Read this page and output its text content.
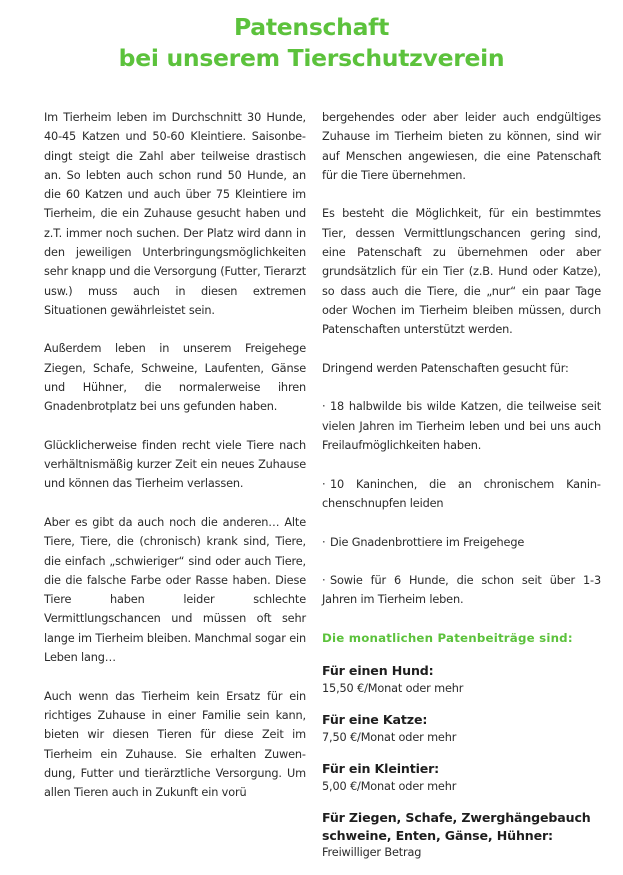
Patenschaft
bei unserem Tierschutzverein

Im Tierheim leben im Durchschnitt 30 Hunde, 40-45 Katzen und 50-60 Kleintiere. Saisonbedingt steigt die Zahl aber teilweise drastisch an. So lebten auch schon rund 50 Hunde, an die 60 Katzen und auch über 75 Kleintiere im Tierheim, die ein Zuhause gesucht haben und z.T. immer noch suchen. Der Platz wird dann in den jeweiligen Unterbringungsmöglichkeiten sehr knapp und die Versorgung (Futter, Tierarzt usw.) muss auch in diesen extremen Situationen gewährleistet sein.

Außerdem leben in unserem Freigehege Ziegen, Schafe, Schweine, Laufenten, Gänse und Hühner, die normalerweise ihren Gnadenbrotplatz bei uns gefunden haben.

Glücklicherweise finden recht viele Tiere nach verhältnismäßig kurzer Zeit ein neues Zuhause und können das Tierheim verlassen.

Aber es gibt da auch noch die anderen… Alte Tiere, Tiere, die (chronisch) krank sind, Tiere, die einfach „schwieriger“ sind oder auch Tiere, die die falsche Farbe oder Rasse haben. Diese Tiere haben leider schlechte Vermittlungschancen und müssen oft sehr lange im Tierheim bleiben. Manchmal sogar ein Leben lang…

Auch wenn das Tierheim kein Ersatz für ein richtiges Zuhause in einer Familie sein kann, bieten wir diesen Tieren für diese Zeit im Tierheim ein Zuhause. Sie erhalten Zuwendung, Futter und tierärztliche Versorgung. Um allen Tieren auch in Zukunft ein vorü

bergehendes oder aber leider auch endgültiges Zuhause im Tierheim bieten zu können, sind wir auf Menschen angewiesen, die eine Patenschaft für die Tiere übernehmen.

Es besteht die Möglichkeit, für ein bestimmtes Tier, dessen Vermittlungschancen gering sind, eine Patenschaft zu übernehmen oder aber grundsätzlich für ein Tier (z.B. Hund oder Katze), so dass auch die Tiere, die „nur“ ein paar Tage oder Wochen im Tierheim bleiben müssen, durch Patenschaften unterstützt werden.

Dringend werden Patenschaften gesucht für:

· 18 halbwilde bis wilde Katzen, die teilweise seit vielen Jahren im Tierheim leben und bei uns auch Freilaufmöglichkeiten haben.
· 10 Kaninchen, die an chronischem Kaninchenschnupfen leiden
· Die Gnadenbrottiere im Freigehege
· Sowie für 6 Hunde, die schon seit über 1-3 Jahren im Tierheim leben.
Die monatlichen Patenbeiträge sind:
Für einen Hund:
15,50 €/Monat oder mehr
Für eine Katze:
7,50 €/Monat oder mehr
Für ein Kleintier:
5,00 €/Monat oder mehr
Für Ziegen, Schafe, Zwerghängebauch schweine, Enten, Gänse, Hühner:
Freiwilliger Betrag
